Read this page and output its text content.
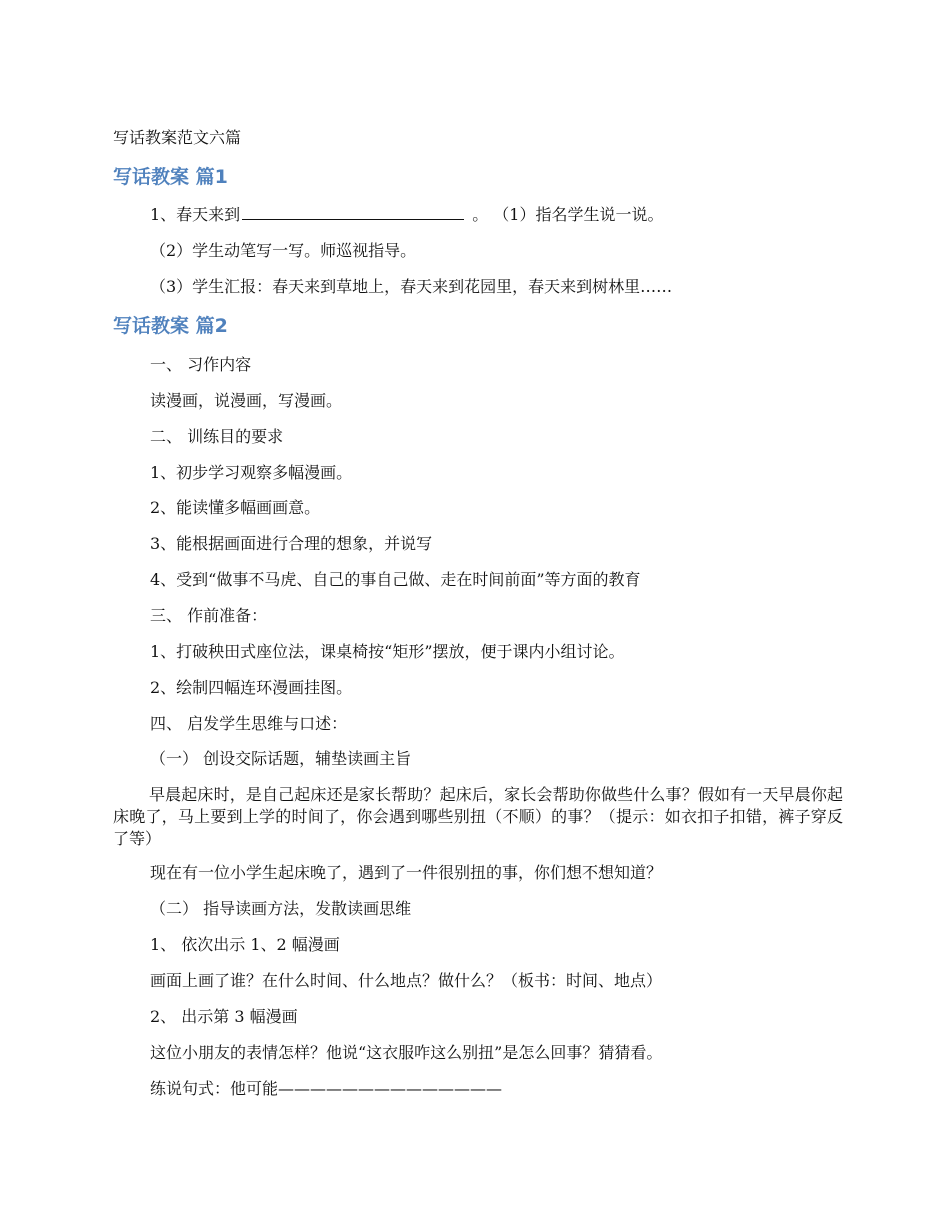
写话教案范文六篇
写话教案 篇1
1、春天来到	。 （1）指名学生说一说。
（2）学生动笔写一写。师巡视指导。
（3）学生汇报：春天来到草地上，春天来到花园里，春天来到树林里……
写话教案 篇2
一、 习作内容
读漫画，说漫画，写漫画。
二、 训练目的要求
1、初步学习观察多幅漫画。
2、能读懂多幅画画意。
3、能根据画面进行合理的想象，并说写
4、受到“做事不马虎、自己的事自己做、走在时间前面”等方面的教育
三、 作前准备：
1、打破秧田式座位法，课桌椅按“矩形”摆放，便于课内小组讨论。
2、绘制四幅连环漫画挂图。
四、 启发学生思维与口述：
（一） 创设交际话题，辅垫读画主旨
早晨起床时，是自己起床还是家长帮助？起床后，家长会帮助你做些什么事？假如有一天早晨你起床晚了，马上要到上学的时间了，你会遇到哪些别扭（不顺）的事？（提示：如衣扣子扣错，裤子穿反了等）
现在有一位小学生起床晚了，遇到了一件很别扭的事，你们想不想知道？
（二） 指导读画方法，发散读画思维
1、 依次出示 1、2 幅漫画
画面上画了谁？在什么时间、什么地点？做什么？（板书：时间、地点）
2、 出示第 3 幅漫画
这位小朋友的表情怎样？他说“这衣服咋这么别扭”是怎么回事？猜猜看。
练说句式：他可能——————————————
